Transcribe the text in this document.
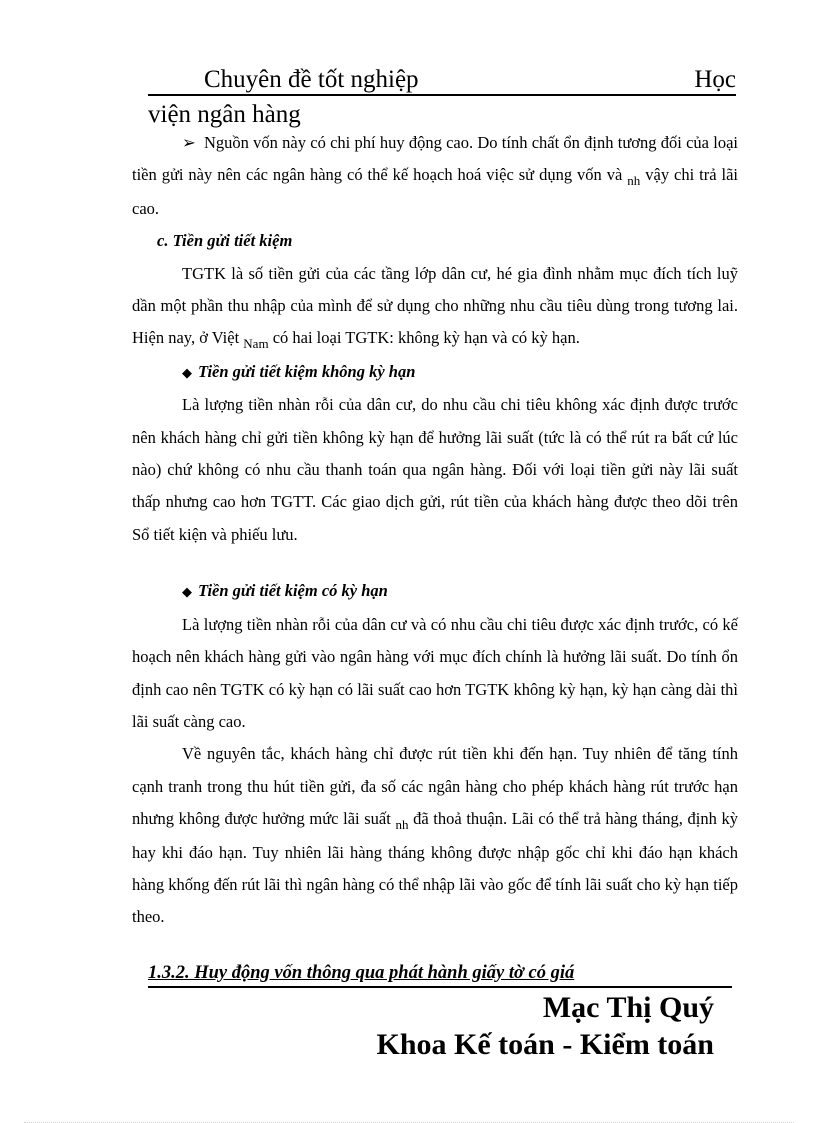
Chuyên đề tốt nghiệp	Học
viện ngân hàng

➢ Nguồn vốn này có chi phí huy động cao. Do tính chất ổn định tương đối của loại tiền gửi này nên các ngân hàng có thể kế hoạch hoá việc sử dụng vốn và $_{nh}$ vậy chi trả lãi cao.

c. Tiền gửi tiết kiệm

TGTK là số tiền gửi của các tầng lớp dân cư, hé gia đình nhằm mục đích tích luỹ dần một phần thu nhập của mình để sử dụng cho những nhu cầu tiêu dùng trong tương lai. Hiện nay, ở Việt $_{Nam}$ có hai loại TGTK: không kỳ hạn và có kỳ hạn.

◆ Tiền gửi tiết kiệm không kỳ hạn

Là lượng tiền nhàn rỗi của dân cư, do nhu cầu chi tiêu không xác định được trước nên khách hàng chỉ gửi tiền không kỳ hạn để hưởng lãi suất (tức là có thể rút ra bất cứ lúc nào) chứ không có nhu cầu thanh toán qua ngân hàng. Đối với loại tiền gửi này lãi suất thấp nhưng cao hơn TGTT. Các giao dịch gửi, rút tiền của khách hàng được theo dõi trên Sổ tiết kiện và phiếu lưu.

◆ Tiền gửi tiết kiệm có kỳ hạn

Là lượng tiền nhàn rỗi của dân cư và có nhu cầu chi tiêu được xác định trước, có kế hoạch nên khách hàng gửi vào ngân hàng với mục đích chính là hưởng lãi suất. Do tính ổn định cao nên TGTK có kỳ hạn có lãi suất cao hơn TGTK không kỳ hạn, kỳ hạn càng dài thì lãi suất càng cao.

Về nguyên tắc, khách hàng chỉ được rút tiền khi đến hạn. Tuy nhiên để tăng tính cạnh tranh trong thu hút tiền gửi, đa số các ngân hàng cho phép khách hàng rút trước hạn nhưng không được hưởng mức lãi suất $_{nh}$ đã thoả thuận. Lãi có thể trả hàng tháng, định kỳ hay khi đáo hạn. Tuy nhiên lãi hàng tháng không được nhập gốc chỉ khi đáo hạn khách hàng khống đến rút lãi thì ngân hàng có thể nhập lãi vào gốc để tính lãi suất cho kỳ hạn tiếp theo.

1.3.2. Huy động vốn thông qua phát hành giấy tờ có giá
Mạc Thị Quý
Khoa Kế toán - Kiểm toán
